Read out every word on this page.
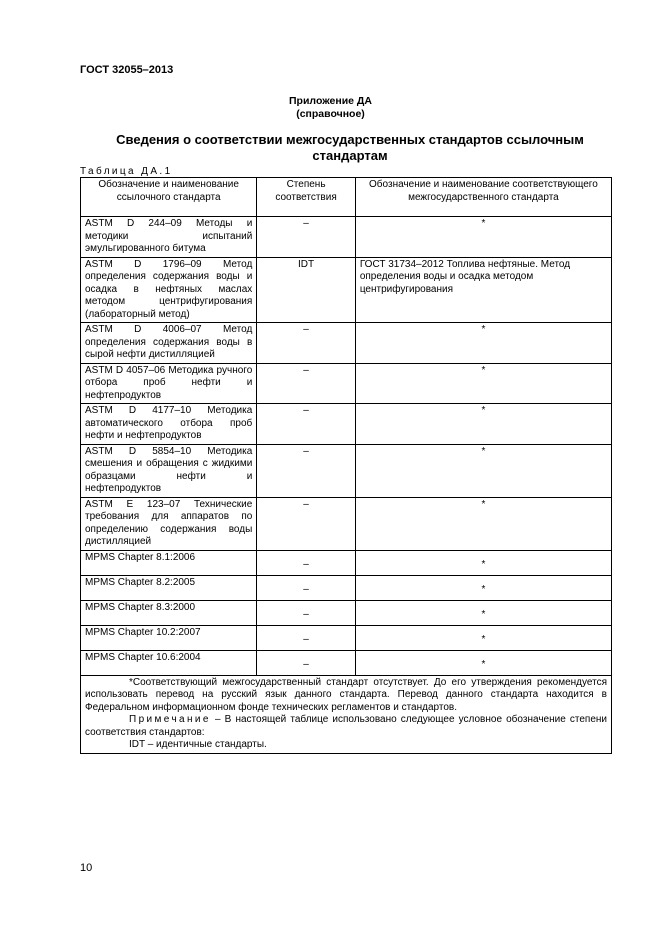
ГОСТ 32055–2013
Приложение ДА
(справочное)
Сведения о соответствии межгосударственных стандартов ссылочным стандартам
Таблица ДА.1
Обозначение и наименование ссылочного стандарта	Степень соответствия	Обозначение и наименование соответствующего межгосударственного стандарта
ASTM D 244–09 Методы и методики испытаний эмульгированного битума	–	*
ASTM D 1796–09 Метод определения содержания воды и осадка в нефтяных маслах методом центрифугирования (лабораторный метод)	IDT	ГОСТ 31734–2012 Топлива нефтяные. Метод определения воды и осадка методом центрифугирования
ASTM D 4006–07 Метод определения содержания воды в сырой нефти дистилляцией	–	*
ASTM D 4057–06 Методика ручного отбора проб нефти и нефтепродуктов	–	*
ASTM D 4177–10 Методика автоматического отбора проб нефти и нефтепродуктов	–	*
ASTM D 5854–10 Методика смешения и обращения с жидкими образцами нефти и нефтепродуктов	–	*
ASTM E 123–07 Технические требования для аппаратов по определению содержания воды дистилляцией	–	*
MPMS Chapter 8.1:2006	–	*
MPMS Chapter 8.2:2005	–	*
MPMS Chapter 8.3:2000	–	*
MPMS Chapter 10.2:2007	–	*
MPMS Chapter 10.6:2004	–	*

*Соответствующий межгосударственный стандарт отсутствует. До его утверждения рекомендуется использовать перевод на русский язык данного стандарта. Перевод данного стандарта находится в Федеральном информационном фонде технических регламентов и стандартов.
Примечание – В настоящей таблице использовано следующее условное обозначение степени соответствия стандартов:
IDT – идентичные стандарты.		
10
